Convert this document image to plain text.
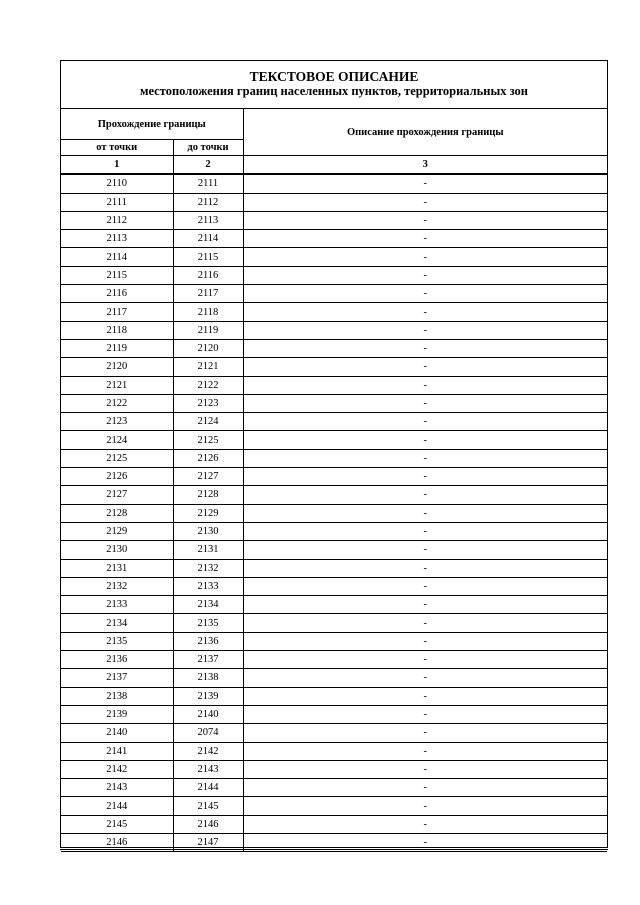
ТЕКСТОВОЕ ОПИСАНИЕ
местоположения границ населенных пунктов, территориальных зон
Прохождение границы		Описание прохождения границы
от точки	до точки	
1	2	3
2110	2111	-
2111	2112	-
2112	2113	-
2113	2114	-
2114	2115	-
2115	2116	-
2116	2117	-
2117	2118	-
2118	2119	-
2119	2120	-
2120	2121	-
2121	2122	-
2122	2123	-
2123	2124	-
2124	2125	-
2125	2126	-
2126	2127	-
2127	2128	-
2128	2129	-
2129	2130	-
2130	2131	-
2131	2132	-
2132	2133	-
2133	2134	-
2134	2135	-
2135	2136	-
2136	2137	-
2137	2138	-
2138	2139	-
2139	2140	-
2140	2074	-
2141	2142	-
2142	2143	-
2143	2144	-
2144	2145	-
2145	2146	-
2146	2147	-
